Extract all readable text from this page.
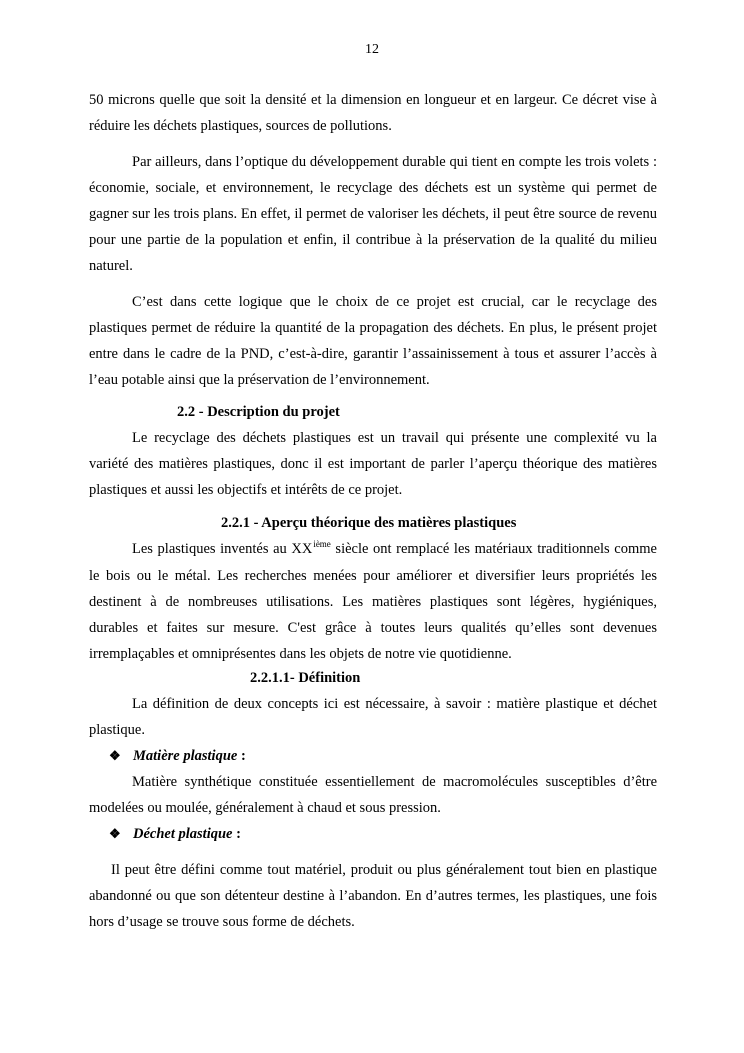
12

50 microns quelle que soit la densité et la dimension en longueur et en largeur. Ce décret vise à réduire les déchets plastiques, sources de pollutions.

Par ailleurs, dans l’optique du développement durable qui tient en compte les trois volets : économie, sociale, et environnement, le recyclage des déchets est un système qui permet de gagner sur les trois plans. En effet, il permet de valoriser les déchets, il peut être source de revenu pour une partie de la population et enfin, il contribue à la préservation de la qualité du milieu naturel.

C’est dans cette logique que le choix de ce projet est crucial, car le recyclage des plastiques permet de réduire la quantité de la propagation des déchets. En plus, le présent projet entre dans le cadre de la PND, c’est-à-dire, garantir l’assainissement à tous et assurer l’accès à l’eau potable ainsi que la préservation de l’environnement.

2.2 - Description du projet

Le recyclage des déchets plastiques est un travail qui présente une complexité vu la variété des matières plastiques, donc il est important de parler l’aperçu théorique des matières plastiques et aussi les objectifs et intérêts de ce projet.

2.2.1 - Aperçu théorique des matières plastiques

Les plastiques inventés au XXième siècle ont remplacé les matériaux traditionnels comme le bois ou le métal. Les recherches menées pour améliorer et diversifier leurs propriétés les destinent à de nombreuses utilisations. Les matières plastiques sont légères, hygiéniques, durables et faites sur mesure. C'est grâce à toutes leurs qualités qu’elles sont devenues irremplaçables et omniprésentes dans les objets de notre vie quotidienne.

2.2.1.1- Définition

La définition de deux concepts ici est nécessaire, à savoir : matière plastique et déchet plastique.

❖ Matière plastique :

Matière synthétique constituée essentiellement de macromolécules susceptibles d’être modelées ou moulée, généralement à chaud et sous pression.

❖ Déchet plastique :

Il peut être défini comme tout matériel, produit ou plus généralement tout bien en plastique abandonné ou que son détenteur destine à l’abandon. En d’autres termes, les plastiques, une fois hors d’usage se trouve sous forme de déchets.
